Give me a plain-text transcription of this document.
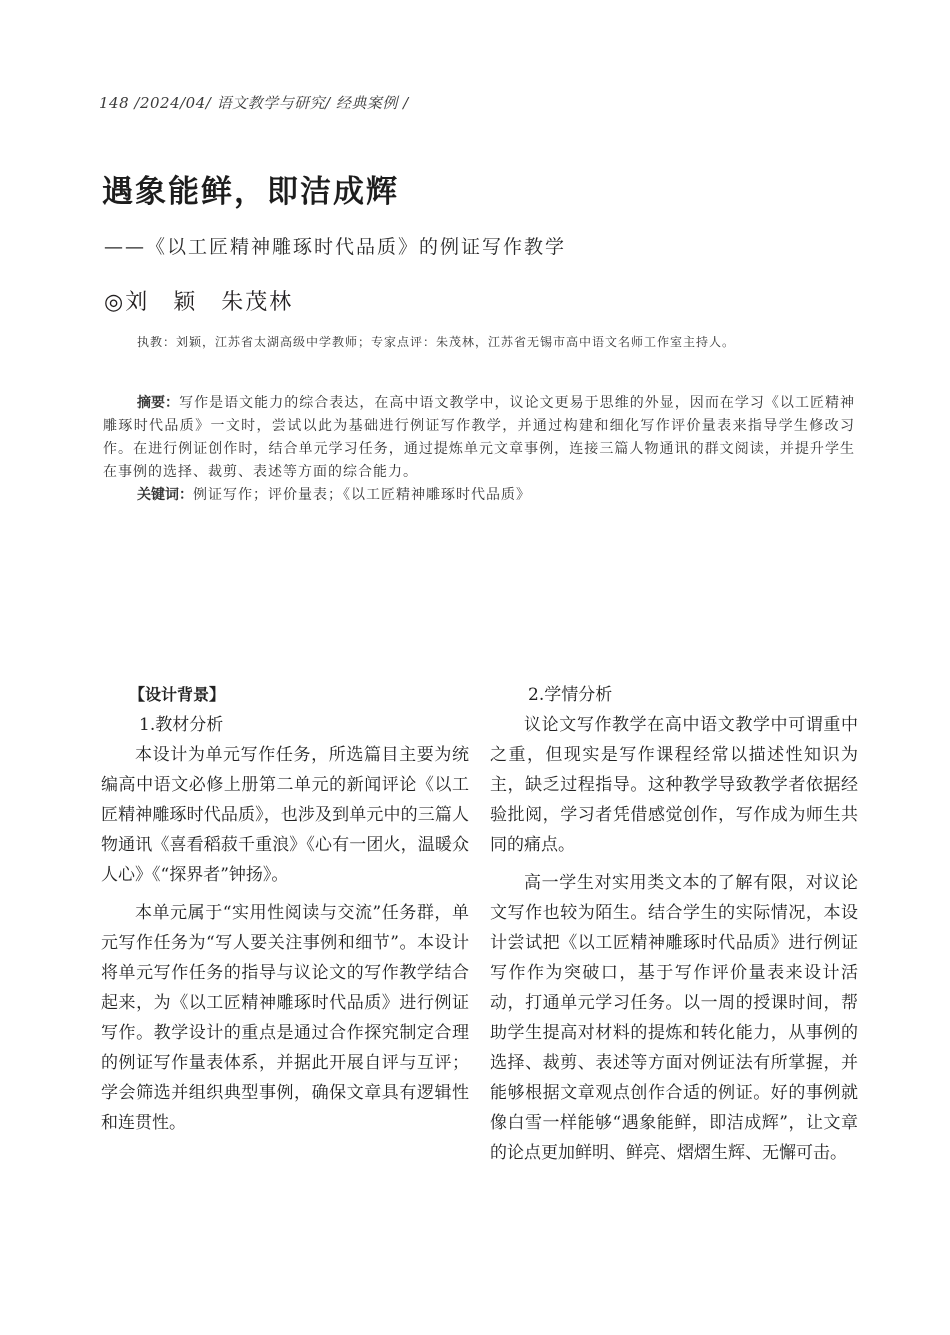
148 /2024/04/ 语文教学与研究/ 经典案例 /
遇象能鲜，即洁成辉
——《以工匠精神雕琢时代品质》的例证写作教学
◎刘　颖　朱茂林
执教：刘颖，江苏省太湖高级中学教师；专家点评：朱茂林，江苏省无锡市高中语文名师工作室主持人。

摘要：写作是语文能力的综合表达，在高中语文教学中，议论文更易于思维的外显，因而在学习《以工匠精神雕琢时代品质》一文时，尝试以此为基础进行例证写作教学，并通过构建和细化写作评价量表来指导学生修改习作。在进行例证创作时，结合单元学习任务，通过提炼单元文章事例，连接三篇人物通讯的群文阅读，并提升学生在事例的选择、裁剪、表述等方面的综合能力。

关键词：例证写作；评价量表；《以工匠精神雕琢时代品质》

【设计背景】

1.教材分析

本设计为单元写作任务，所选篇目主要为统编高中语文必修上册第二单元的新闻评论《以工匠精神雕琢时代品质》，也涉及到单元中的三篇人物通讯《喜看稻菽千重浪》《心有一团火，温暖众人心》《“探界者”钟扬》。

本单元属于“实用性阅读与交流”任务群，单元写作任务为“写人要关注事例和细节”。本设计将单元写作任务的指导与议论文的写作教学结合起来，为《以工匠精神雕琢时代品质》进行例证写作。教学设计的重点是通过合作探究制定合理的例证写作量表体系，并据此开展自评与互评；学会筛选并组织典型事例，确保文章具有逻辑性和连贯性。

2.学情分析

议论文写作教学在高中语文教学中可谓重中之重，但现实是写作课程经常以描述性知识为主，缺乏过程指导。这种教学导致教学者依据经验批阅，学习者凭借感觉创作，写作成为师生共同的痛点。

高一学生对实用类文本的了解有限，对议论文写作也较为陌生。结合学生的实际情况，本设计尝试把《以工匠精神雕琢时代品质》进行例证写作作为突破口，基于写作评价量表来设计活动，打通单元学习任务。以一周的授课时间，帮助学生提高对材料的提炼和转化能力，从事例的选择、裁剪、表述等方面对例证法有所掌握，并能够根据文章观点创作合适的例证。好的事例就像白雪一样能够“遇象能鲜，即洁成辉”，让文章的论点更加鲜明、鲜亮、熠熠生辉、无懈可击。
